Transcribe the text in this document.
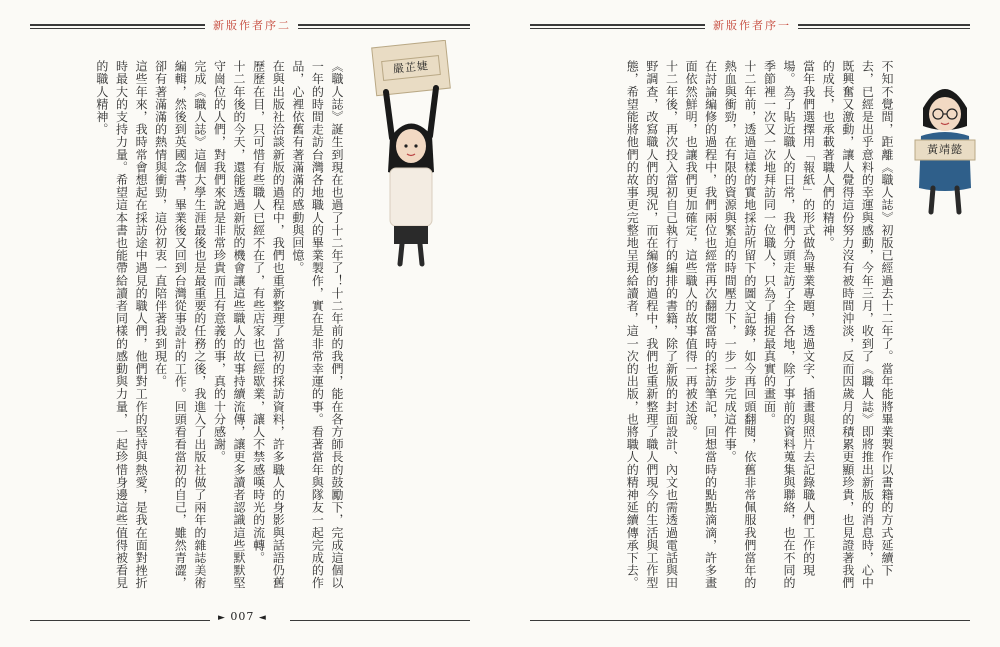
新版作者序二
《職人誌》誕生到現在也過了十二年了！十二年前的我們，能在各方師長的鼓勵下，完成這個以一年的時間走訪台灣各地職人的畢業製作，實在是非常幸運的事。看著當年與隊友一起完成的作品，心裡依舊有著滿滿的感動與回憶。
在與出版社洽談新版的過程中，我們也重新整理了當初的採訪資料，許多職人的身影與話語仍舊歷歷在目，只可惜有些職人已經不在了，有些店家也已經歇業，讓人不禁感嘆時光的流轉。
十二年後的今天，還能透過新版的機會讓這些職人的故事持續流傳，讓更多讀者認識這些默默堅守崗位的人們，對我們來說是非常珍貴而且有意義的事，真的十分感謝。
完成《職人誌》這個大學生涯最後也是最重要的任務之後，我進入了出版社做了兩年的雜誌美術編輯，然後到英國念書，畢業後又回到台灣從事設計的工作。回頭看看當初的自己，雖然青澀，卻有著滿滿的熱情與衝勁，這份初衷一直陪伴著我到現在。
這些年來，我時常會想起在採訪途中遇見的職人們，他們對工作的堅持與熱愛，是我在面對挫折時最大的支持力量。希望這本書也能帶給讀者同樣的感動與力量，一起珍惜身邊這些值得被看見的職人精神。	嚴芷婕
► 007 ◄
新版作者序一
不知不覺間，距離《職人誌》初版已經過去十二年了。當年能將畢業製作以書籍的方式延續下去，已經是出乎意料的幸運與感動，今年三月，收到了《職人誌》即將推出新版的消息時，心中既興奮又激動，讓人覺得這份努力沒有被時間沖淡，反而因歲月的積累更顯珍貴，也見證著我們的成長，也承載著職人們的精神。
當年我們選擇用「報紙」的形式做為畢業專題，透過文字、插畫與照片去記錄職人們工作的現場。為了貼近職人的日常，我們分頭走訪了全台各地，除了事前的資料蒐集與聯絡，也在不同的季節裡一次又一次地拜訪同一位職人，只為了捕捉最真實的畫面。
十二年前，透過這樣的實地採訪所留下的圖文記錄，如今再回頭翻閱，依舊非常佩服我們當年的熱血與衝勁，在有限的資源與緊迫的時間壓力下，一步一步完成這件事。
在討論編修的過程中，我們兩位也經常再次翻閱當時的採訪筆記，回想當時的點點滴滴，許多畫面依然鮮明，也讓我們更加確定，這些職人的故事值得一再被述說。
十二年後，再次投入當初自己執行的編排的書籍，除了新版的封面設計、內文也需透過電話與田野調查，改寫職人們的現況，而在編修的過程中，我們也重新整理了職人們現今的生活與工作型態，希望能將他們的故事更完整地呈現給讀者，這一次的出版，也將職人的精神延續傳承下去。	黃靖懿
